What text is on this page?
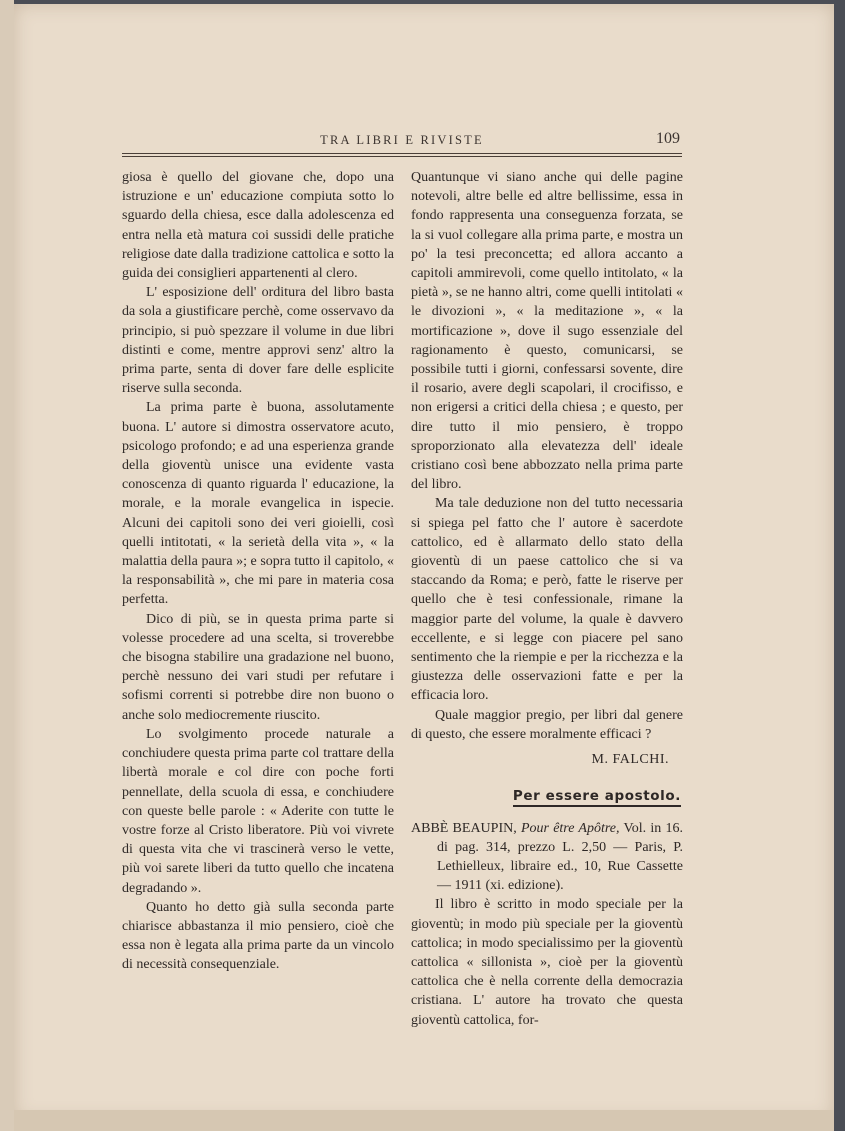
TRA LIBRI E RIVISTE	109

giosa è quello del giovane che, dopo una istruzione e un' educazione compiuta sotto lo sguardo della chiesa, esce dalla adolescenza ed entra nella età matura coi sussidi delle pratiche religiose date dalla tradizione cattolica e sotto la guida dei consiglieri appartenenti al clero.

L' esposizione dell' orditura del libro basta da sola a giustificare perchè, come osservavo da principio, si può spezzare il volume in due libri distinti e come, mentre approvi senz' altro la prima parte, senta di dover fare delle esplicite riserve sulla seconda.

La prima parte è buona, assolutamente buona. L' autore si dimostra osservatore acuto, psicologo profondo; e ad una esperienza grande della gioventù unisce una evidente vasta conoscenza di quanto riguarda l' educazione, la morale, e la morale evangelica in ispecie. Alcuni dei capitoli sono dei veri gioielli, così quelli intitotati, « la serietà della vita », « la malattia della paura »; e sopra tutto il capitolo, « la responsabilità », che mi pare in materia cosa perfetta.

Dico di più, se in questa prima parte si volesse procedere ad una scelta, si troverebbe che bisogna stabilire una gradazione nel buono, perchè nessuno dei vari studi per refutare i sofismi correnti si potrebbe dire non buono o anche solo mediocremente riuscito.

Lo svolgimento procede naturale a conchiudere questa prima parte col trattare della libertà morale e col dire con poche forti pennellate, della scuola di essa, e conchiudere con queste belle parole : « Aderite con tutte le vostre forze al Cristo liberatore. Più voi vivrete di questa vita che vi trascinerà verso le vette, più voi sarete liberi da tutto quello che incatena degradando ».

Quanto ho detto già sulla seconda parte chiarisce abbastanza il mio pensiero, cioè che essa non è legata alla prima parte da un vincolo di necessità consequenziale.

Quantunque vi siano anche qui delle pagine notevoli, altre belle ed altre bellissime, essa in fondo rappresenta una conseguenza forzata, se la si vuol collegare alla prima parte, e mostra un po' la tesi preconcetta; ed allora accanto a capitoli ammirevoli, come quello intitolato, « la pietà », se ne hanno altri, come quelli intitolati « le divozioni », « la meditazione », « la mortificazione », dove il sugo essenziale del ragionamento è questo, comunicarsi, se possibile tutti i giorni, confessarsi sovente, dire il rosario, avere degli scapolari, il crocifisso, e non erigersi a critici della chiesa ; e questo, per dire tutto il mio pensiero, è troppo sproporzionato alla elevatezza dell' ideale cristiano così bene abbozzato nella prima parte del libro.

Ma tale deduzione non del tutto necessaria si spiega pel fatto che l' autore è sacerdote cattolico, ed è allarmato dello stato della gioventù di un paese cattolico che si va staccando da Roma; e però, fatte le riserve per quello che è tesi confessionale, rimane la maggior parte del volume, la quale è davvero eccellente, e si legge con piacere pel sano sentimento che la riempie e per la ricchezza e la giustezza delle osservazioni fatte e per la efficacia loro.

Quale maggior pregio, per libri dal genere di questo, che essere moralmente efficaci ?

M. FALCHI.

Per essere apostolo.

ABBÈ BEAUPIN, Pour être Apôtre, Vol. in 16. di pag. 314, prezzo L. 2,50 — Paris, P. Lethielleux, libraire ed., 10, Rue Cassette — 1911 (xi. edizione).

Il libro è scritto in modo speciale per la gioventù; in modo più speciale per la gioventù cattolica; in modo specialissimo per la gioventù cattolica « sillonista », cioè per la gioventù cattolica che è nella corrente della democrazia cristiana. L' autore ha trovato che questa gioventù cattolica, for-
